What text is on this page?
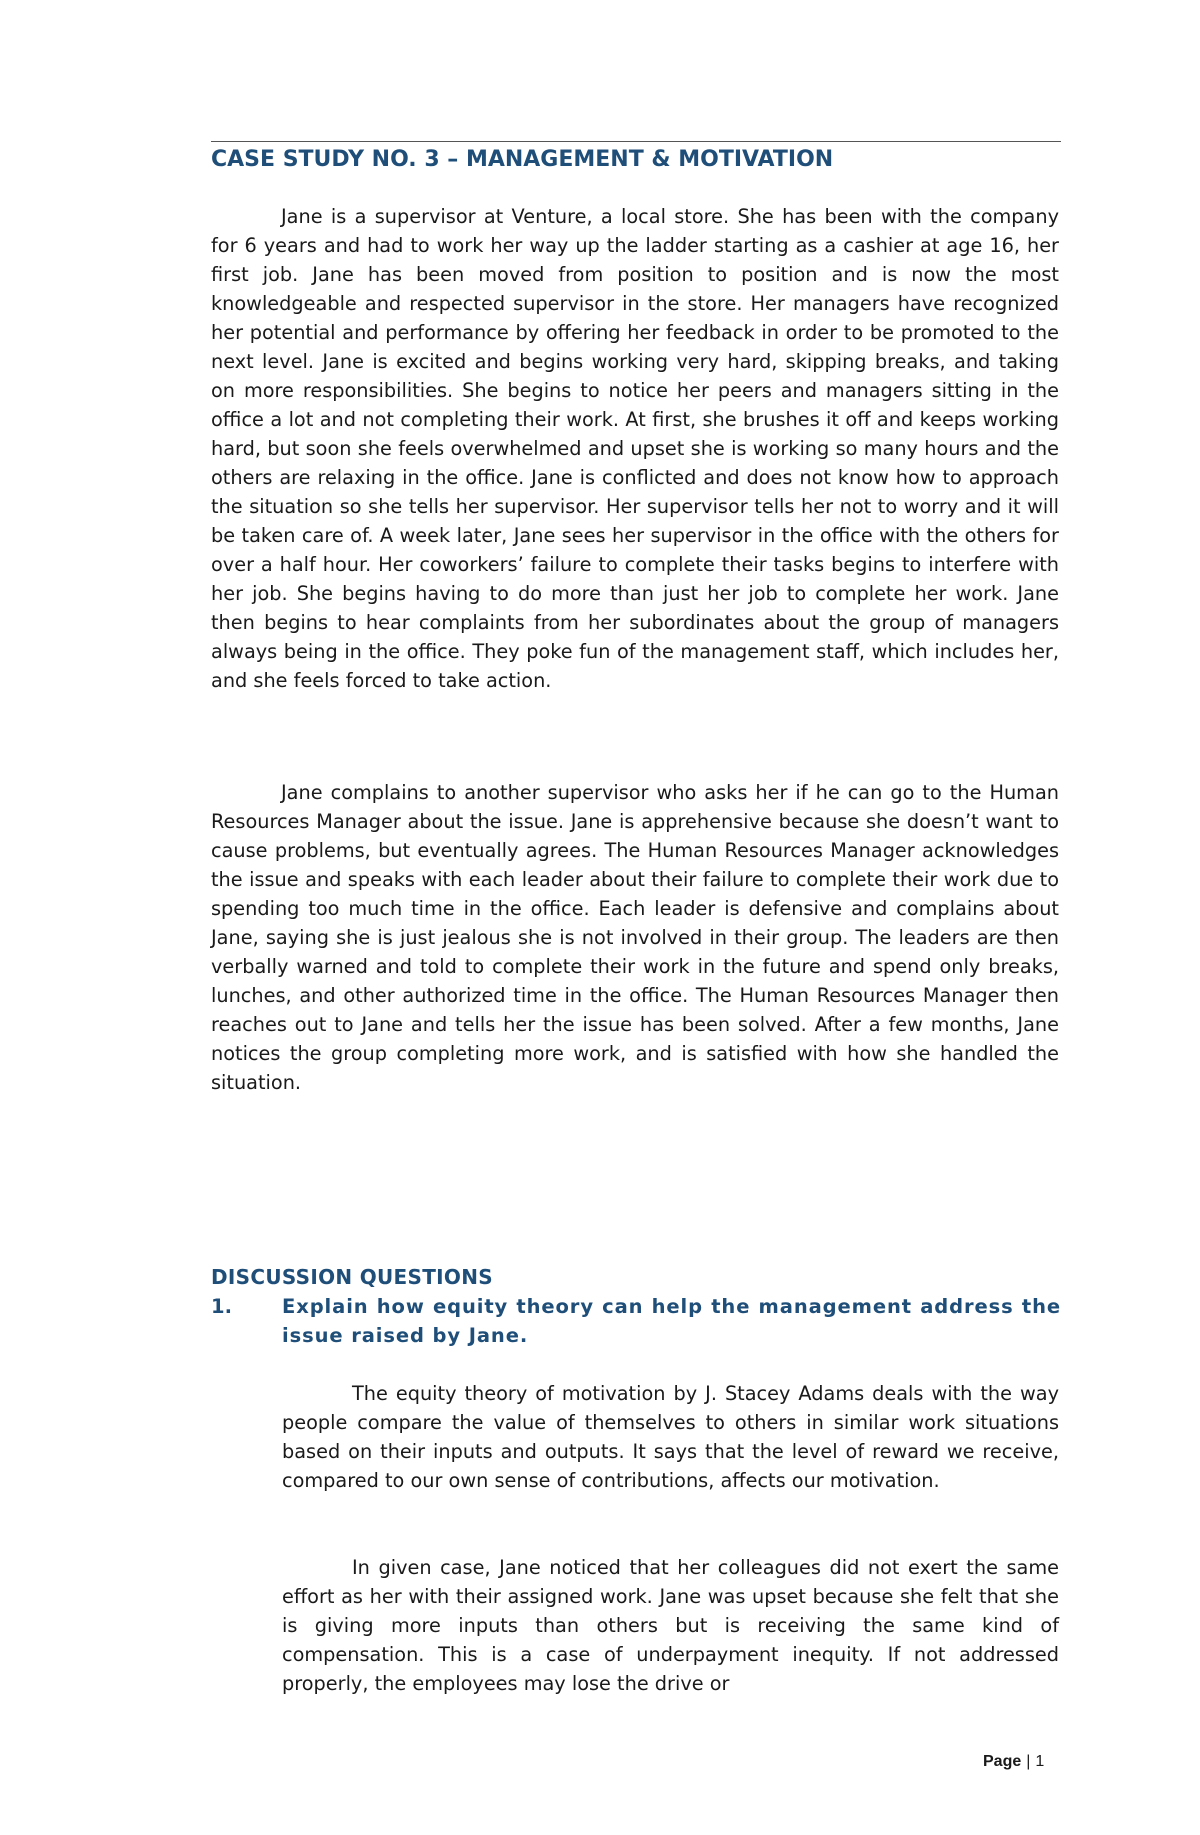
CASE STUDY NO. 3 – MANAGEMENT & MOTIVATION

Jane is a supervisor at Venture, a local store. She has been with the company for 6 years and had to work her way up the ladder starting as a cashier at age 16, her first job. Jane has been moved from position to position and is now the most knowledgeable and respected supervisor in the store. Her managers have recognized her potential and performance by offering her feedback in order to be promoted to the next level. Jane is excited and begins working very hard, skipping breaks, and taking on more responsibilities. She begins to notice her peers and managers sitting in the office a lot and not completing their work. At first, she brushes it off and keeps working hard, but soon she feels overwhelmed and upset she is working so many hours and the others are relaxing in the office. Jane is conflicted and does not know how to approach the situation so she tells her supervisor. Her supervisor tells her not to worry and it will be taken care of. A week later, Jane sees her supervisor in the office with the others for over a half hour. Her coworkers’ failure to complete their tasks begins to interfere with her job. She begins having to do more than just her job to complete her work. Jane then begins to hear complaints from her subordinates about the group of managers always being in the office. They poke fun of the management staff, which includes her, and she feels forced to take action.

Jane complains to another supervisor who asks her if he can go to the Human Resources Manager about the issue. Jane is apprehensive because she doesn’t want to cause problems, but eventually agrees. The Human Resources Manager acknowledges the issue and speaks with each leader about their failure to complete their work due to spending too much time in the office. Each leader is defensive and complains about Jane, saying she is just jealous she is not involved in their group. The leaders are then verbally warned and told to complete their work in the future and spend only breaks, lunches, and other authorized time in the office. The Human Resources Manager then reaches out to Jane and tells her the issue has been solved. After a few months, Jane notices the group completing more work, and is satisfied with how she handled the situation.

DISCUSSION QUESTIONS
1.	Explain how equity theory can help the management address the issue raised by Jane.

The equity theory of motivation by J. Stacey Adams deals with the way people compare the value of themselves to others in similar work situations based on their inputs and outputs. It says that the level of reward we receive, compared to our own sense of contributions, affects our motivation.

In given case, Jane noticed that her colleagues did not exert the same effort as her with their assigned work. Jane was upset because she felt that she is giving more inputs than others but is receiving the same kind of compensation. This is a case of underpayment inequity. If not addressed properly, the employees may lose the drive or

Page | 1
